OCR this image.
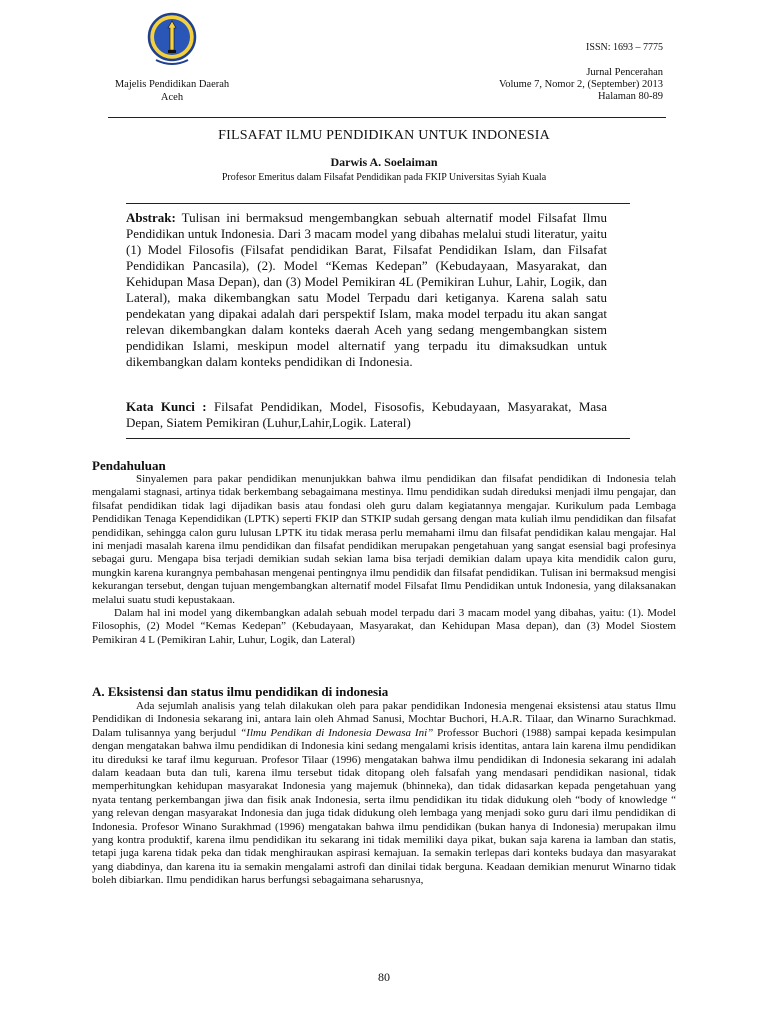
ISSN: 1693 – 7775
Majelis Pendidikan Daerah
Aceh
Jurnal Pencerahan
Volume 7, Nomor 2, (September) 2013
Halaman 80-89
FILSAFAT ILMU PENDIDIKAN UNTUK INDONESIA
Darwis A. Soelaiman
Profesor Emeritus dalam Filsafat Pendidikan pada FKIP Universitas Syiah Kuala
Abstrak: Tulisan ini bermaksud mengembangkan sebuah alternatif model Filsafat Ilmu Pendidikan untuk Indonesia. Dari 3 macam model yang dibahas melalui studi literatur, yaitu (1) Model Filosofis (Filsafat pendidikan Barat, Filsafat Pendidikan Islam, dan Filsafat Pendidikan Pancasila), (2). Model “Kemas Kedepan” (Kebudayaan, Masyarakat, dan Kehidupan Masa Depan), dan (3) Model Pemikiran 4L (Pemikiran Luhur, Lahir, Logik, dan Lateral), maka dikembangkan satu Model Terpadu dari ketiganya. Karena salah satu pendekatan yang dipakai adalah dari perspektif Islam, maka model terpadu itu akan sangat relevan dikembangkan dalam konteks daerah Aceh yang sedang mengembangkan sistem pendidikan Islami, meskipun model alternatif yang terpadu itu dimaksudkan untuk dikembangkan dalam konteks pendidikan di Indonesia.
Kata Kunci : Filsafat Pendidikan, Model, Fisosofis, Kebudayaan, Masyarakat, Masa Depan, Siatem Pemikiran (Luhur,Lahir,Logik. Lateral)
Pendahuluan

Sinyalemen para pakar pendidikan menunjukkan bahwa ilmu pendidikan dan filsafat pendidikan di Indonesia telah mengalami stagnasi, artinya tidak berkembang sebagaimana mestinya. Ilmu pendidikan sudah direduksi menjadi ilmu pengajar, dan filsafat pendidikan tidak lagi dijadikan basis atau fondasi oleh guru dalam kegiatannya mengajar. Kurikulum pada Lembaga Pendidikan Tenaga Kependidikan (LPTK) seperti FKIP dan STKIP sudah gersang dengan mata kuliah ilmu pendidikan dan filsafat pendidikan, sehingga calon guru lulusan LPTK itu tidak merasa perlu memahami ilmu dan filsafat pendidikan kalau mengajar. Hal ini menjadi masalah karena ilmu pendidikan dan filsafat pendidikan merupakan pengetahuan yang sangat esensial bagi profesinya sebagai guru. Mengapa bisa terjadi demikian sudah sekian lama bisa terjadi demikian dalam upaya kita mendidik calon guru, mungkin karena kurangnya pembahasan mengenai pentingnya ilmu pendidik dan filsafat pendidikan. Tulisan ini bermaksud mengisi kekurangan tersebut, dengan tujuan mengembangkan alternatif model Filsafat Ilmu Pendidikan untuk Indonesia, yang dilaksanakan melalui suatu studi kepustakaan.

Dalam hal ini model yang dikembangkan adalah sebuah model terpadu dari 3 macam model yang dibahas, yaitu: (1). Model Filosophis, (2) Model “Kemas Kedepan” (Kebudayaan, Masyarakat, dan Kehidupan Masa depan), dan (3) Model Siostem Pemikiran 4 L (Pemikiran Lahir, Luhur, Logik, dan Lateral)

A. Eksistensi dan status ilmu pendidikan di indonesia

Ada sejumlah analisis yang telah dilakukan oleh para pakar pendidikan Indonesia mengenai eksistensi atau status Ilmu Pendidikan di Indonesia sekarang ini, antara lain oleh Ahmad Sanusi, Mochtar Buchori, H.A.R. Tilaar, dan Winarno Surachkmad. Dalam tulisannya yang berjudul “Ilmu Pendikan di Indonesia Dewasa Ini” Professor Buchori (1988) sampai kepada kesimpulan dengan mengatakan bahwa ilmu pendidikan di Indonesia kini sedang mengalami krisis identitas, antara lain karena ilmu pendidikan itu direduksi ke taraf ilmu keguruan. Profesor Tilaar (1996) mengatakan bahwa ilmu pendidikan di Indonesia sekarang ini adalah dalam keadaan buta dan tuli, karena ilmu tersebut tidak ditopang oleh falsafah yang mendasari pendidikan nasional, tidak memperhitungkan kehidupan masyarakat Indonesia yang majemuk (bhinneka), dan tidak didasarkan kepada pengetahuan yang nyata tentang perkembangan jiwa dan fisik anak Indonesia, serta ilmu pendidikan itu tidak didukung oleh “body of knowledge “ yang relevan dengan masyarakat Indonesia dan juga tidak didukung oleh lembaga yang menjadi soko guru dari ilmu pendidikan di Indonesia. Profesor Winano Surakhmad (1996) mengatakan bahwa ilmu pendidikan (bukan hanya di Indonesia) merupakan ilmu yang kontra produktif, karena ilmu pendidikan itu sekarang ini tidak memiliki daya pikat, bukan saja karena ia lamban dan statis, tetapi juga karena tidak peka dan tidak menghiraukan aspirasi kemajuan. Ia semakin terlepas dari konteks budaya dan masyarakat yang diabdinya, dan karena itu ia semakin mengalami astrofi dan dinilai tidak berguna. Keadaan demikian menurut Winarno tidak boleh dibiarkan. Ilmu pendidikan harus berfungsi sebagaimana seharusnya,

80
